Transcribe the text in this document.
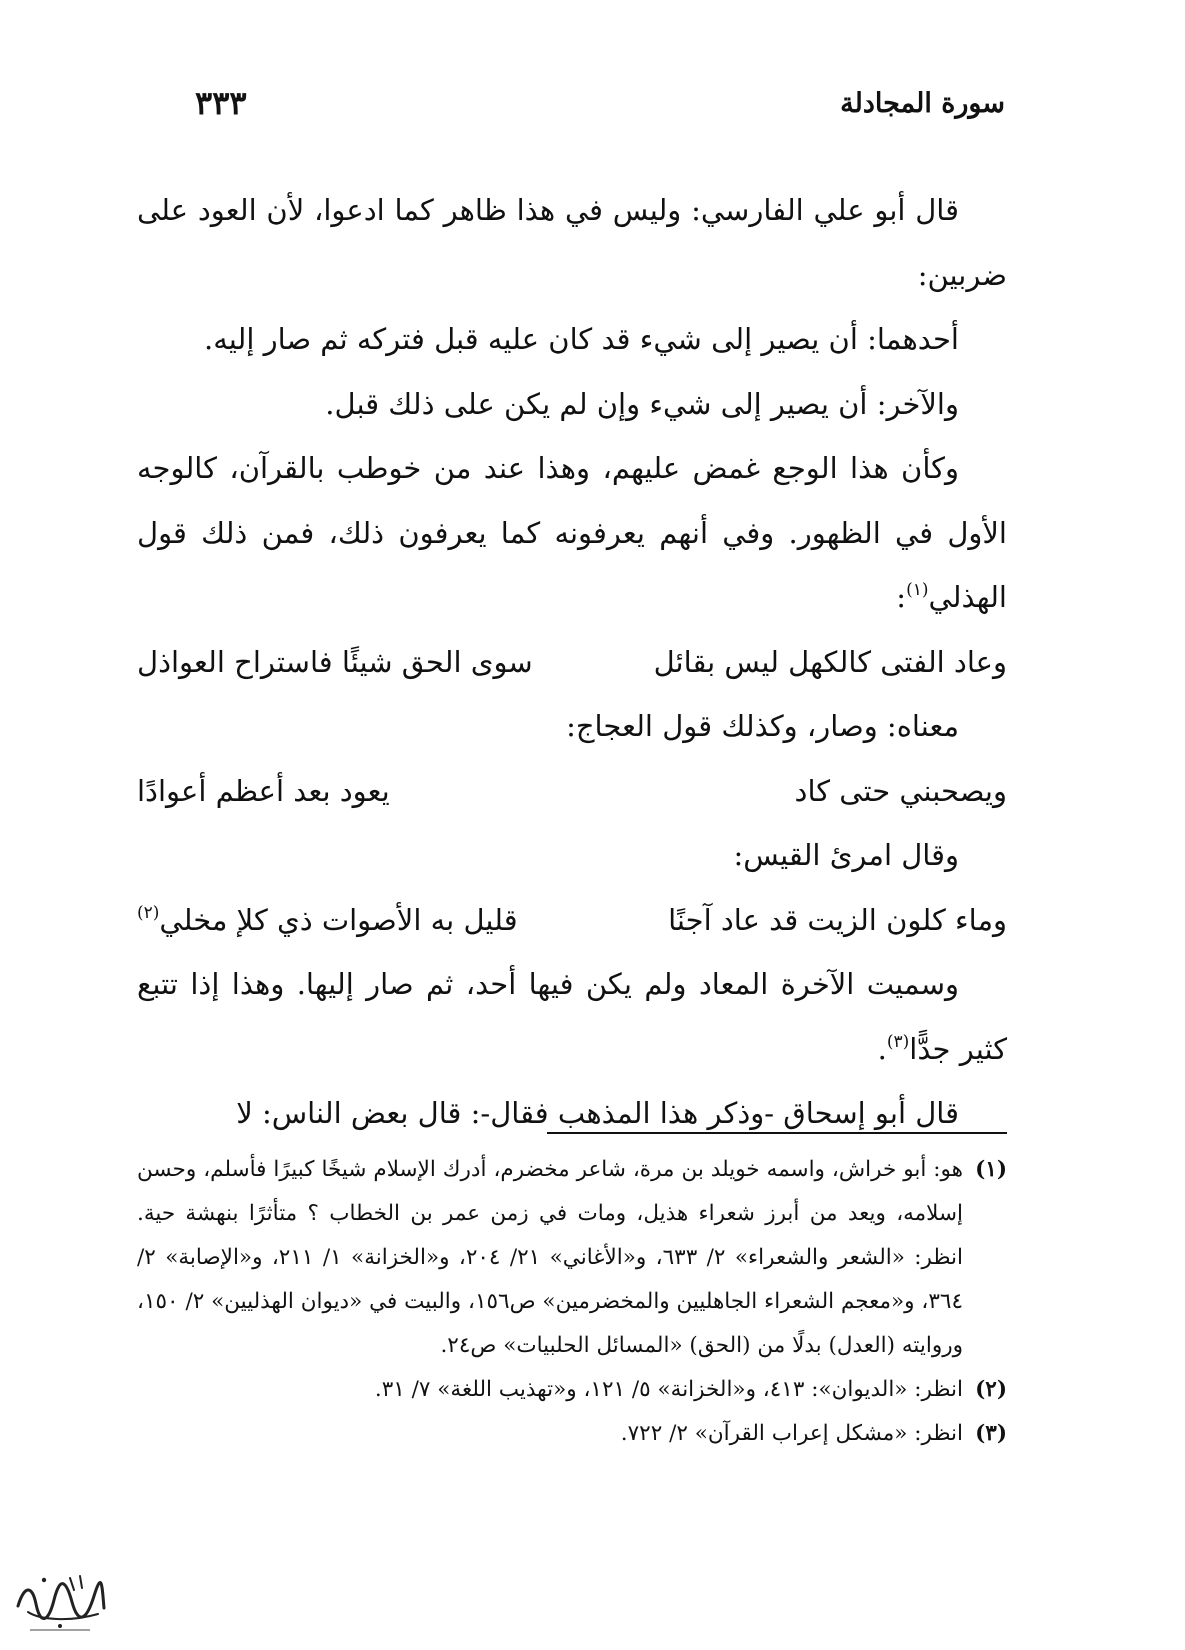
سورة المجادلة
٣٣٣

قال أبو علي الفارسي: وليس في هذا ظاهر كما ادعوا، لأن العود على ضربين:

أحدهما: أن يصير إلى شيء قد كان عليه قبل فتركه ثم صار إليه.

والآخر: أن يصير إلى شيء وإن لم يكن على ذلك قبل.

وكأن هذا الوجع غمض عليهم، وهذا عند من خوطب بالقرآن، كالوجه الأول في الظهور. وفي أنهم يعرفونه كما يعرفون ذلك، فمن ذلك قول الهذلي$^{(١)}$:

وعاد الفتى كالكهل ليس بقائل
سوى الحق شيئًا فاستراح العواذل

معناه: وصار، وكذلك قول العجاج:

ويصحبني حتى كاد
يعود بعد أعظم أعوادًا

وقال امرئ القيس:

وماء كلون الزيت قد عاد آجنًا
قليل به الأصوات ذي كلإ مخلي$^{(٢)}$

وسميت الآخرة المعاد ولم يكن فيها أحد، ثم صار إليها. وهذا إذا تتبع كثير جدًّا$^{(٣)}$.

قال أبو إسحاق -وذكر هذا المذهب فقال-: قال بعض الناس: لا

(١)
هو: أبو خراش، واسمه خويلد بن مرة، شاعر مخضرم، أدرك الإسلام شيخًا كبيرًا فأسلم، وحسن إسلامه، ويعد من أبرز شعراء هذيل، ومات في زمن عمر بن الخطاب ؟ متأثرًا بنهشة حية. انظر: «الشعر والشعراء» ٢/ ٦٣٣، و«الأغاني» ٢١/ ٢٠٤، و«الخزانة» ١/ ٢١١، و«الإصابة» ٢/ ٣٦٤، و«معجم الشعراء الجاهليين والمخضرمين» ص١٥٦، والبيت في «ديوان الهذليين» ٢/ ١٥٠، وروايته (العدل) بدلًا من (الحق) «المسائل الحلبيات» ص٢٤.
(٢)
انظر: «الديوان»: ٤١٣، و«الخزانة» ٥/ ١٢١، و«تهذيب اللغة» ٧/ ٣١.
(٣)
انظر: «مشكل إعراب القرآن» ٢/ ٧٢٢.
